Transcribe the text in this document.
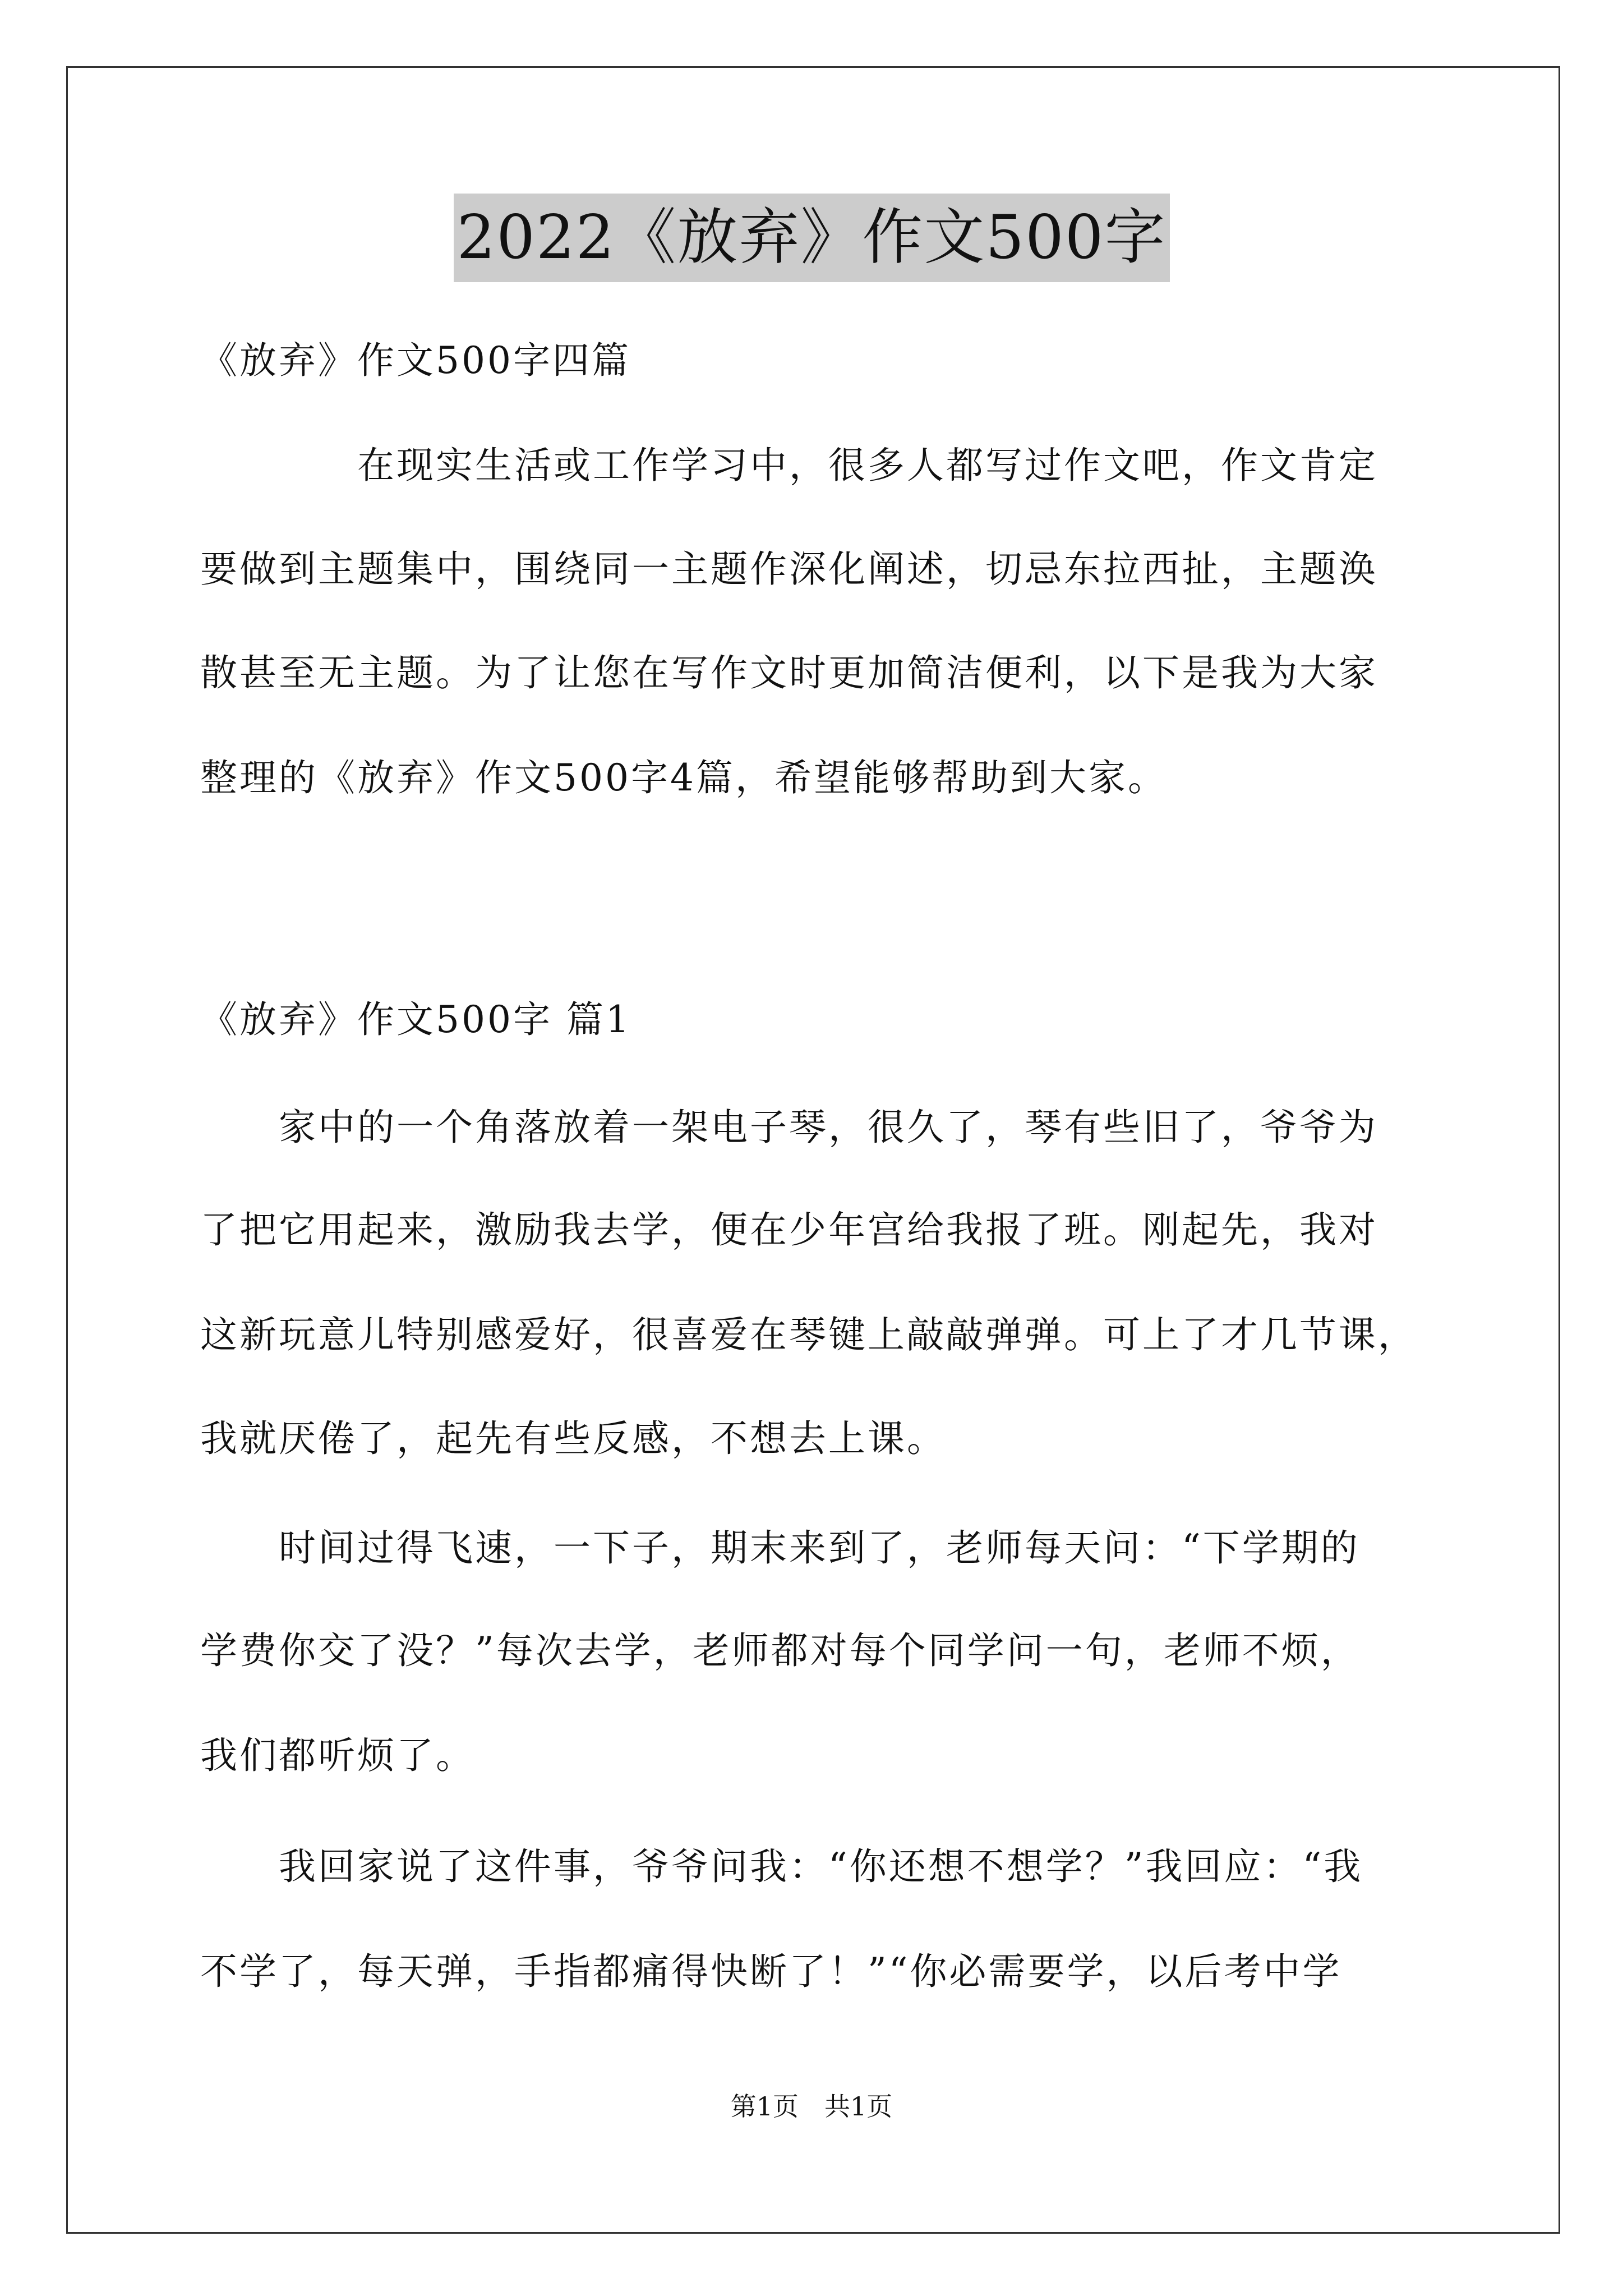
2022《放弃》作文500字
《放弃》作文500字四篇
　　　　在现实生活或工作学习中，很多人都写过作文吧，作文肯定
要做到主题集中，围绕同一主题作深化阐述，切忌东拉西扯，主题涣
散甚至无主题。为了让您在写作文时更加简洁便利，以下是我为大家
整理的《放弃》作文500字4篇，希望能够帮助到大家。
《放弃》作文500字 篇1
　　家中的一个角落放着一架电子琴，很久了，琴有些旧了，爷爷为
了把它用起来，激励我去学，便在少年宫给我报了班。刚起先，我对
这新玩意儿特别感爱好，很喜爱在琴键上敲敲弹弹。可上了才几节课，
我就厌倦了，起先有些反感，不想去上课。
　　时间过得飞速，一下子，期末来到了，老师每天问：“下学期的
学费你交了没？”每次去学，老师都对每个同学问一句，老师不烦，
我们都听烦了。
　　我回家说了这件事，爷爷问我：“你还想不想学？”我回应：“我
不学了，每天弹，手指都痛得快断了！”“你必需要学，以后考中学
第1页　共1页
